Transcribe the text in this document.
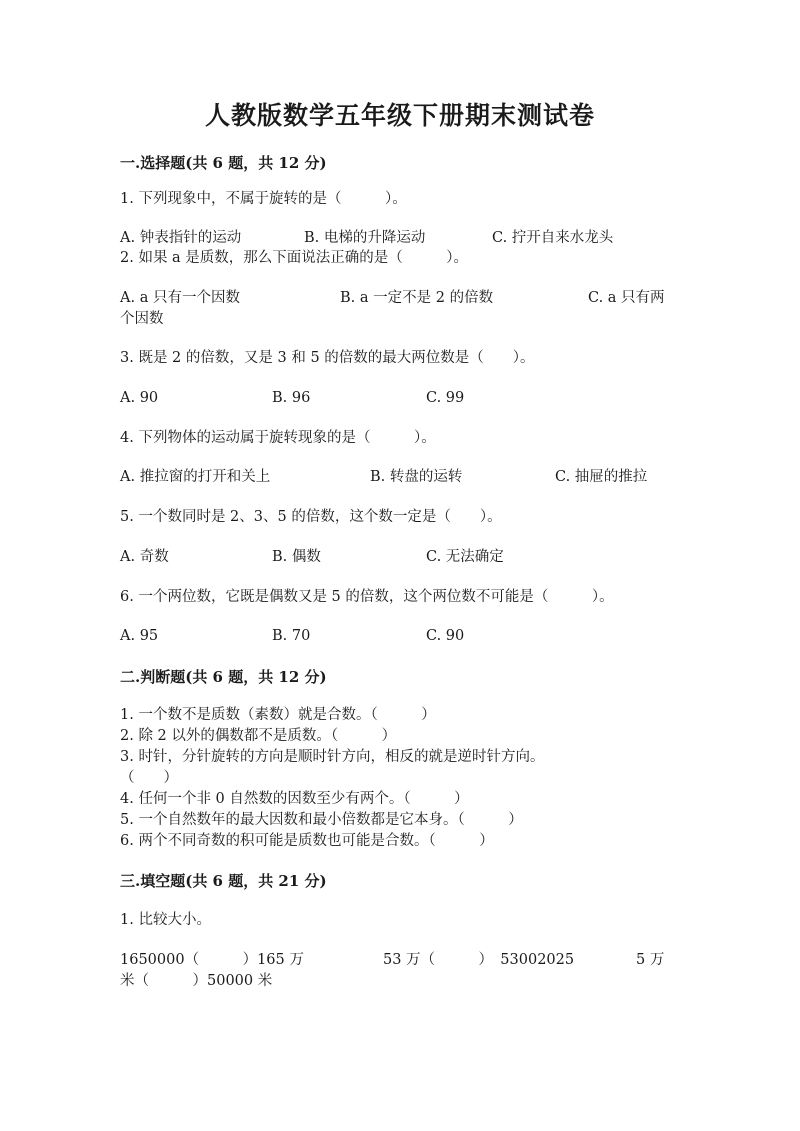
人教版数学五年级下册期末测试卷
一.选择题(共 6 题，共 12 分)
1. 下列现象中，不属于旋转的是（　　　）。
A. 钟表指针的运动	B. 电梯的升降运动	C. 拧开自来水龙头
2. 如果 a 是质数，那么下面说法正确的是（　　　）。
A. a 只有一个因数	B. a 一定不是 2 的倍数	C. a 只有两
个因数
3. 既是 2 的倍数，又是 3 和 5 的倍数的最大两位数是（　　）。
A. 90	B. 96	C. 99
4. 下列物体的运动属于旋转现象的是（　　　）。
A. 推拉窗的打开和关上	B. 转盘的运转	C. 抽屉的推拉
5. 一个数同时是 2、3、5 的倍数，这个数一定是（　　）。
A. 奇数	B. 偶数	C. 无法确定
6. 一个两位数，它既是偶数又是 5 的倍数，这个两位数不可能是（　　　）。
A. 95	B. 70	C. 90
二.判断题(共 6 题，共 12 分)
1. 一个数不是质数（素数）就是合数。（　　　）
2. 除 2 以外的偶数都不是质数。（　　　）
3. 时针，分针旋转的方向是顺时针方向，相反的就是逆时针方向。
（　　）
4. 任何一个非 0 自然数的因数至少有两个。（　　　）
5. 一个自然数年的最大因数和最小倍数都是它本身。（　　　）
6. 两个不同奇数的积可能是质数也可能是合数。（　　　）
三.填空题(共 6 题，共 21 分)
1. 比较大小。
1650000（　　　）165 万	53 万（　　　）　53002025	5 万
米（　　　）50000 米
